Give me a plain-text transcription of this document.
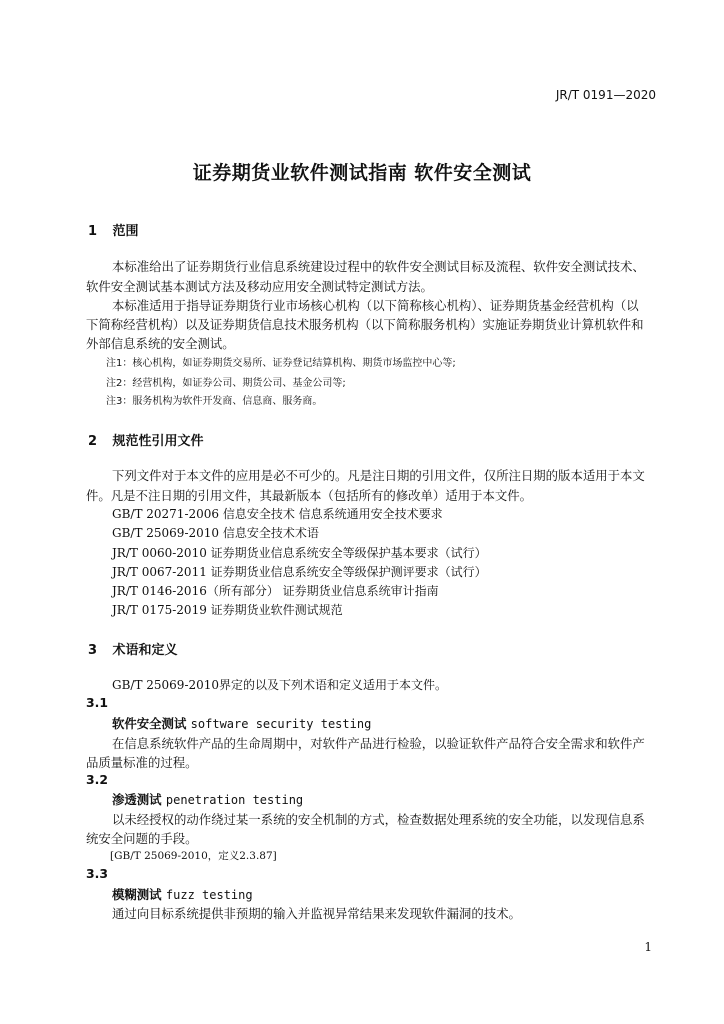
JR/T 0191—2020
证券期货业软件测试指南 软件安全测试
1 范围
本标准给出了证券期货行业信息系统建设过程中的软件安全测试目标及流程、软件安全测试技术、
软件安全测试基本测试方法及移动应用安全测试特定测试方法。
本标准适用于指导证券期货行业市场核心机构（以下简称核心机构）、证券期货基金经营机构（以
下简称经营机构）以及证券期货信息技术服务机构（以下简称服务机构）实施证券期货业计算机软件和
外部信息系统的安全测试。
注1：核心机构，如证券期货交易所、证券登记结算机构、期货市场监控中心等;
注2：经营机构，如证券公司、期货公司、基金公司等;
注3：服务机构为软件开发商、信息商、服务商。
2 规范性引用文件
下列文件对于本文件的应用是必不可少的。凡是注日期的引用文件，仅所注日期的版本适用于本文
件。凡是不注日期的引用文件，其最新版本（包括所有的修改单）适用于本文件。
GB/T 20271-2006 信息安全技术 信息系统通用安全技术要求
GB/T 25069-2010 信息安全技术术语
JR/T 0060-2010 证券期货业信息系统安全等级保护基本要求（试行）
JR/T 0067-2011 证券期货业信息系统安全等级保护测评要求（试行）
JR/T 0146-2016（所有部分） 证券期货业信息系统审计指南
JR/T 0175-2019 证券期货业软件测试规范
3 术语和定义
GB/T 25069-2010界定的以及下列术语和定义适用于本文件。
3.1
软件安全测试 software security testing
在信息系统软件产品的生命周期中，对软件产品进行检验，以验证软件产品符合安全需求和软件产
品质量标准的过程。
3.2
渗透测试 penetration testing
以未经授权的动作绕过某一系统的安全机制的方式，检查数据处理系统的安全功能，以发现信息系
统安全问题的手段。
[GB/T 25069-2010，定义2.3.87]
3.3
模糊测试 fuzz testing
通过向目标系统提供非预期的输入并监视异常结果来发现软件漏洞的技术。
1
